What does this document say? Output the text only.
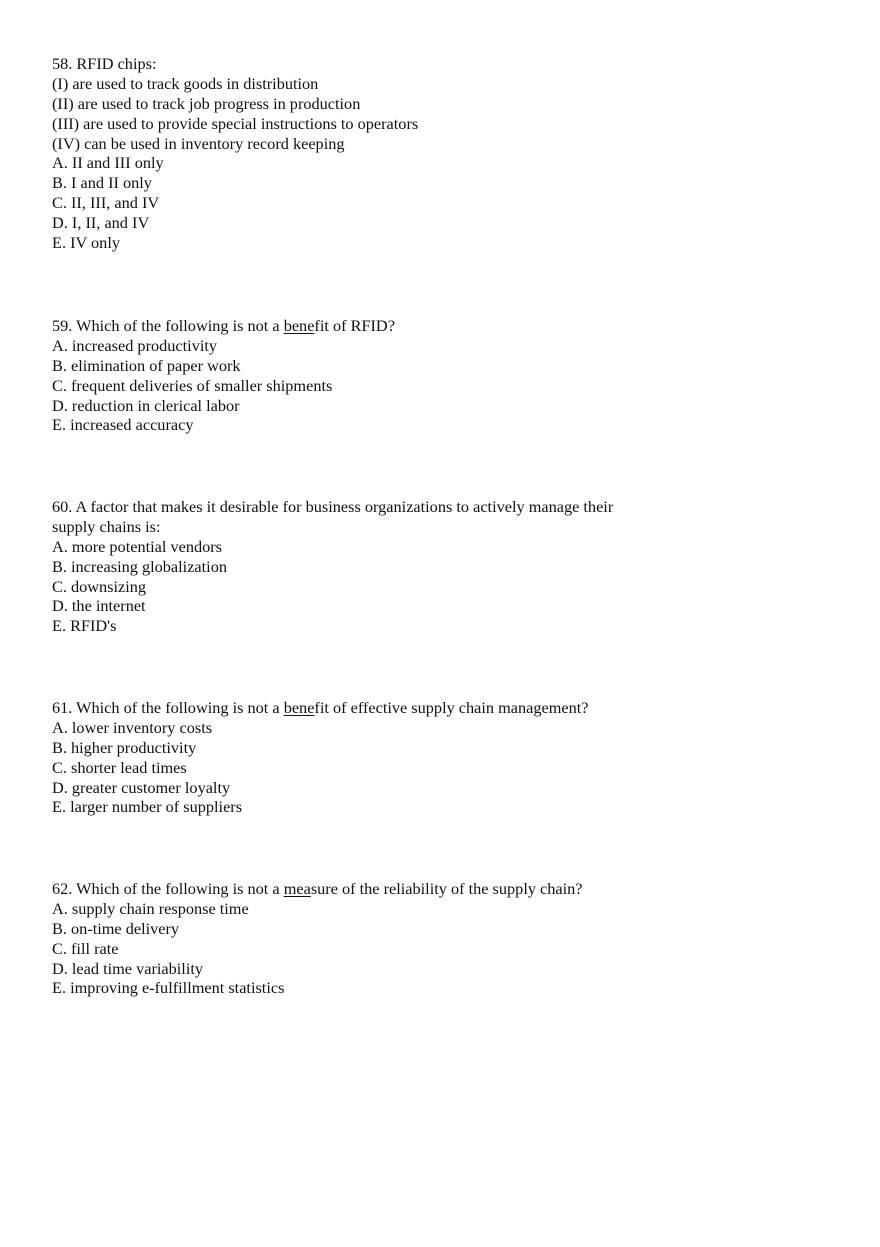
58. RFID chips:
(I) are used to track goods in distribution
(II) are used to track job progress in production
(III) are used to provide special instructions to operators
(IV) can be used in inventory record keeping
A. II and III only
B. I and II only
C. II, III, and IV
D. I, II, and IV
E. IV only
59. Which of the following is not a benefit of RFID?
A. increased productivity
B. elimination of paper work
C. frequent deliveries of smaller shipments
D. reduction in clerical labor
E. increased accuracy
60. A factor that makes it desirable for business organizations to actively manage their
supply chains is:
A. more potential vendors
B. increasing globalization
C. downsizing
D. the internet
E. RFID's
61. Which of the following is not a benefit of effective supply chain management?
A. lower inventory costs
B. higher productivity
C. shorter lead times
D. greater customer loyalty
E. larger number of suppliers
62. Which of the following is not a measure of the reliability of the supply chain?
A. supply chain response time
B. on-time delivery
C. fill rate
D. lead time variability
E. improving e-fulfillment statistics
